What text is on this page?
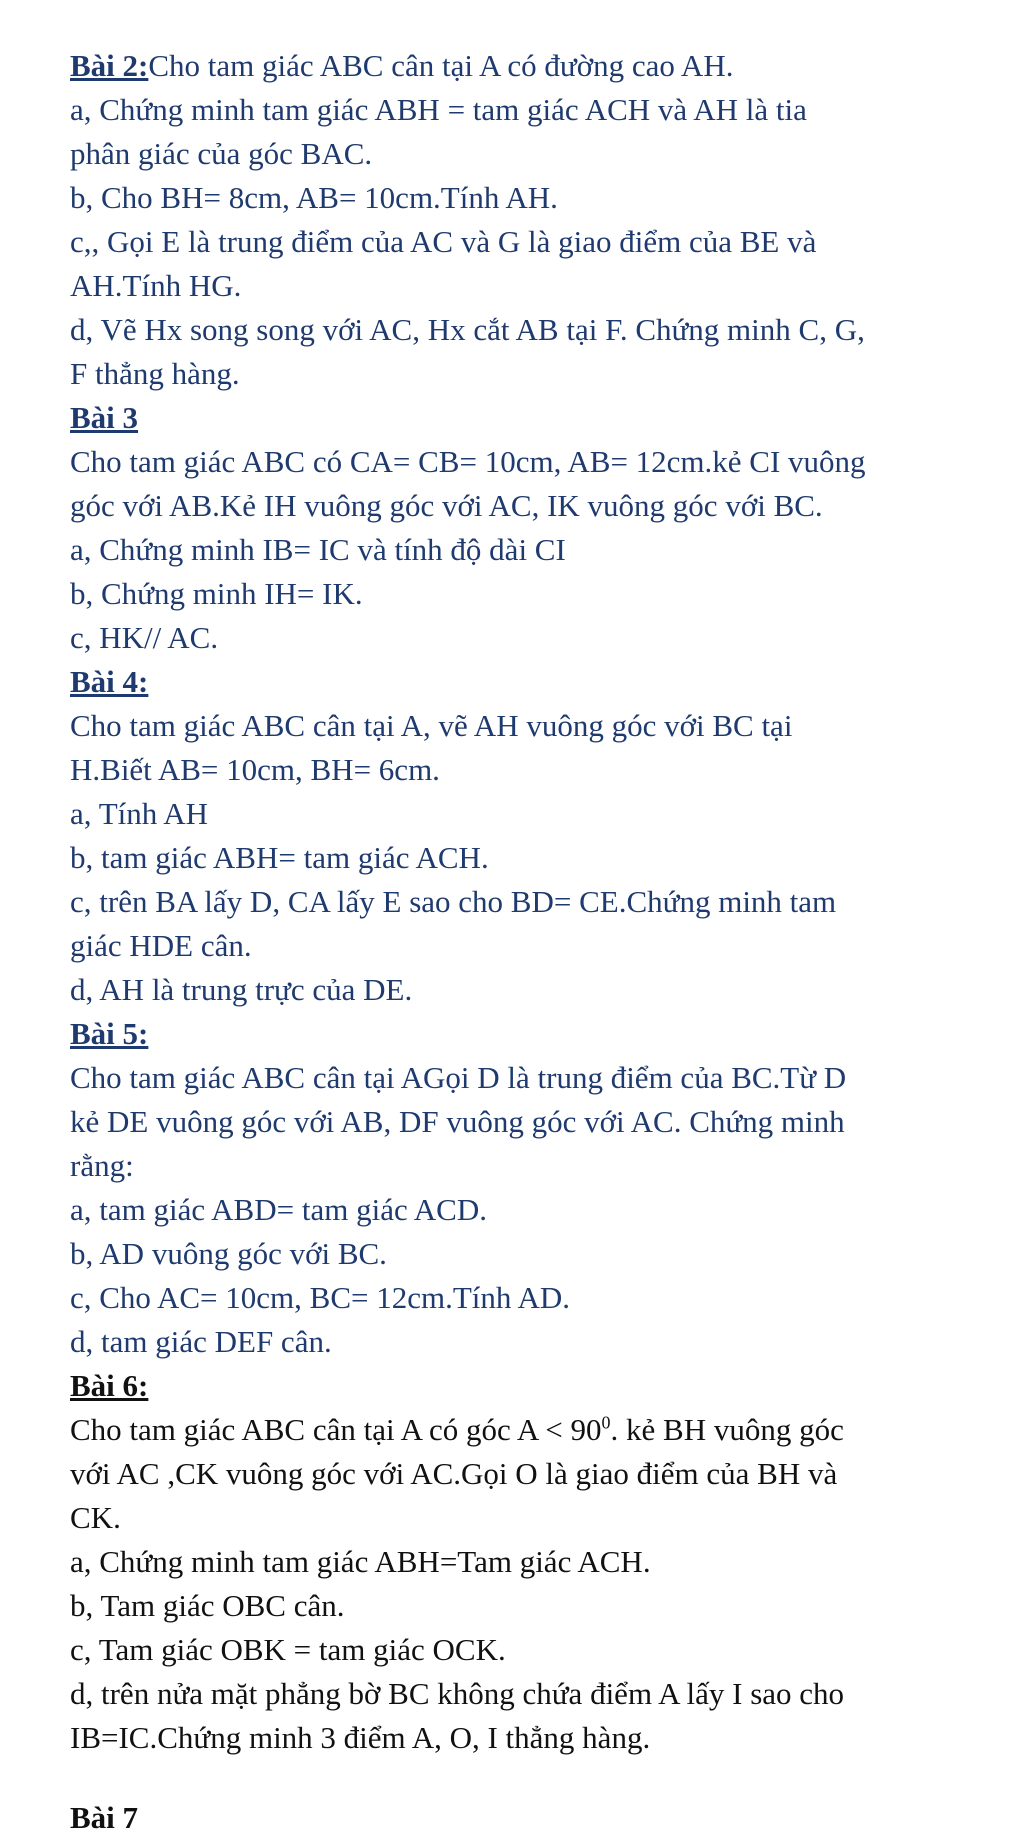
Bài 2:Cho tam giác ABC cân tại A có đường cao AH.
a, Chứng minh tam giác ABH = tam giác ACH và AH là tia
phân giác của góc BAC.
b, Cho BH= 8cm, AB= 10cm.Tính AH.
c,, Gọi E là trung điểm của AC và G là giao điểm của BE và
AH.Tính HG.
d, Vẽ Hx song song với AC, Hx cắt AB tại F. Chứng minh C, G,
F thẳng hàng.
Bài 3
Cho tam giác ABC có CA= CB= 10cm, AB= 12cm.kẻ CI vuông
góc với AB.Kẻ IH vuông góc với AC, IK vuông góc với BC.
a, Chứng minh IB= IC và tính độ dài CI
b, Chứng minh IH= IK.
c, HK// AC.
Bài 4:
Cho tam giác ABC cân tại A, vẽ AH vuông góc với BC tại
H.Biết AB= 10cm, BH= 6cm.
a, Tính AH
b, tam giác ABH= tam giác ACH.
c, trên BA lấy D, CA lấy E sao cho BD= CE.Chứng minh tam
giác HDE cân.
d, AH là trung trực của DE.
Bài 5:
Cho tam giác ABC cân tại AGọi D là trung điểm của BC.Từ D
kẻ DE vuông góc với AB, DF vuông góc với AC. Chứng minh
rằng:
a, tam giác ABD= tam giác ACD.
b, AD vuông góc với BC.
c, Cho AC= 10cm, BC= 12cm.Tính AD.
d, tam giác DEF cân.
Bài 6:
Cho tam giác ABC cân tại A có góc $A < 90^0$. kẻ BH vuông góc
với AC ,CK vuông góc với AC.Gọi O là giao điểm của BH và
CK.
a, Chứng minh tam giác ABH=Tam giác ACH.
b, Tam giác OBC cân.
c, Tam giác OBK = tam giác OCK.
d, trên nửa mặt phẳng bờ BC không chứa điểm A lấy I sao cho
IB=IC.Chứng minh 3 điểm A, O, I thẳng hàng.
Bài 7
